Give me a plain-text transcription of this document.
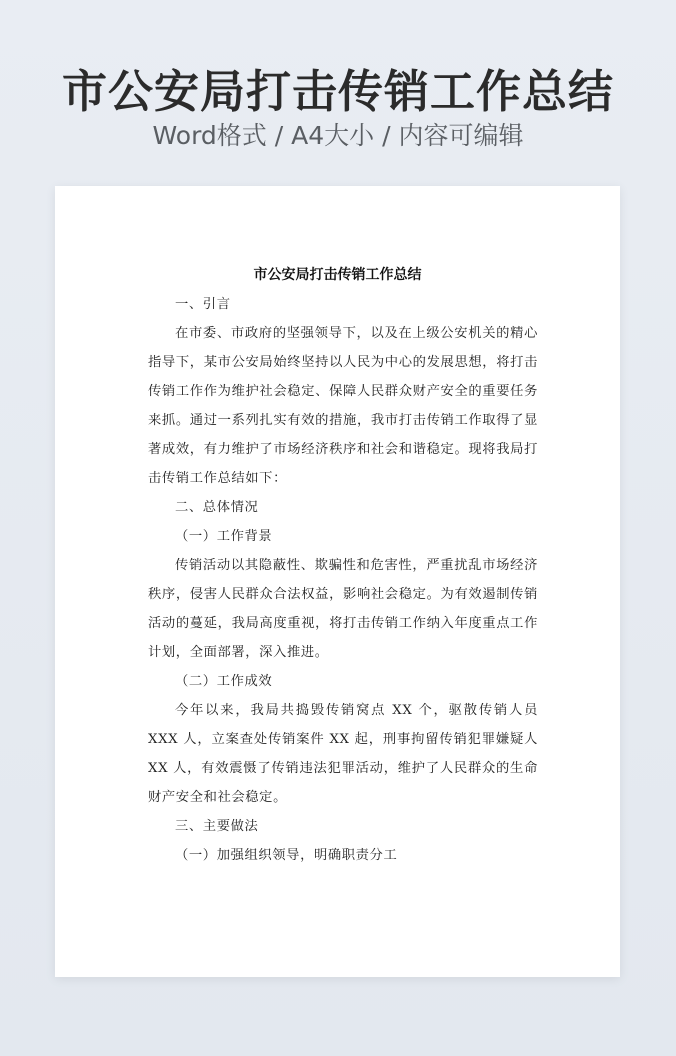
市公安局打击传销工作总结
Word格式 / A4大小 / 内容可编辑
市公安局打击传销工作总结

一、引言

在市委、市政府的坚强领导下，以及在上级公安机关的精心指导下，某市公安局始终坚持以人民为中心的发展思想，将打击传销工作作为维护社会稳定、保障人民群众财产安全的重要任务来抓。通过一系列扎实有效的措施，我市打击传销工作取得了显著成效，有力维护了市场经济秩序和社会和谐稳定。现将我局打击传销工作总结如下：

二、总体情况

（一）工作背景

传销活动以其隐蔽性、欺骗性和危害性，严重扰乱市场经济秩序，侵害人民群众合法权益，影响社会稳定。为有效遏制传销活动的蔓延，我局高度重视，将打击传销工作纳入年度重点工作计划，全面部署，深入推进。

（二）工作成效

今年以来，我局共捣毁传销窝点 XX 个，驱散传销人员 XXX 人，立案查处传销案件 XX 起，刑事拘留传销犯罪嫌疑人 XX 人，有效震慑了传销违法犯罪活动，维护了人民群众的生命财产安全和社会稳定。

三、主要做法

（一）加强组织领导，明确职责分工
